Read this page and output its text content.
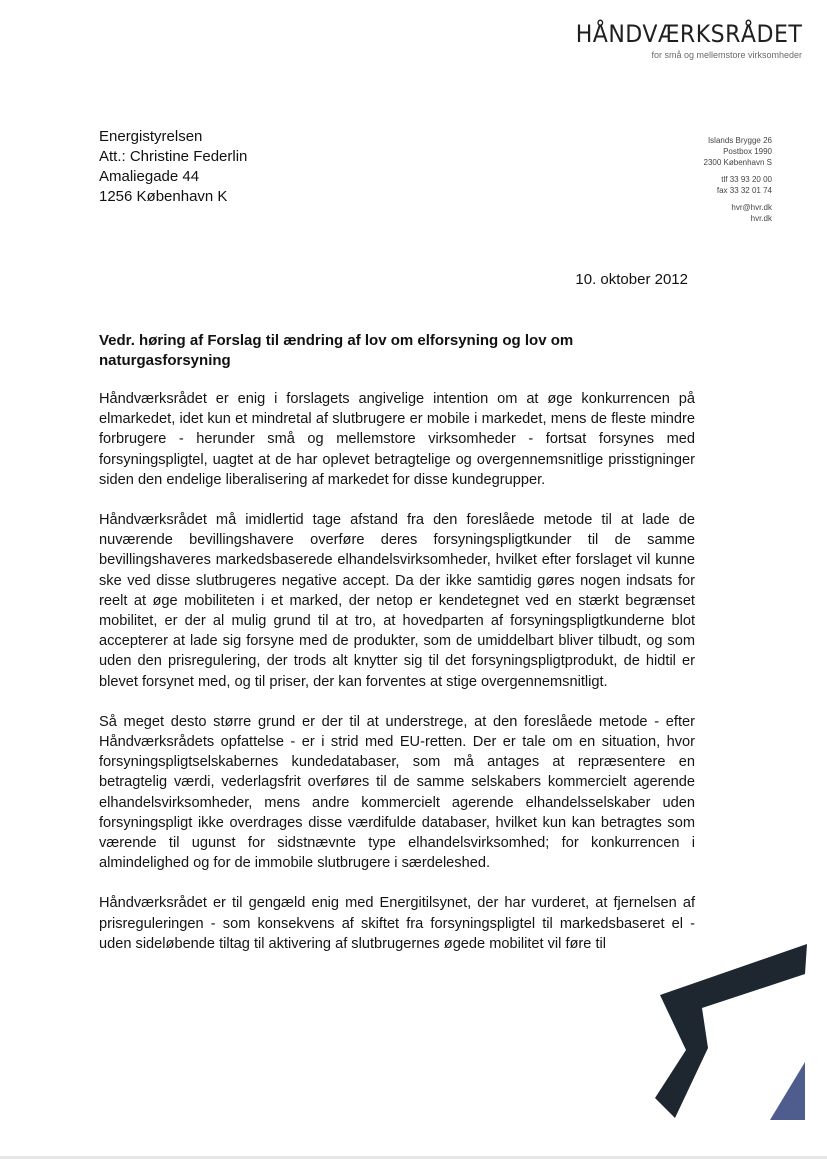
HÅNDVÆRKSRÅDET
for små og mellemstore virksomheder
Energistyrelsen
Att.: Christine Federlin
Amaliegade 44
1256 København K
Islands Brygge 26
Postbox 1990
2300 København S
tlf 33 93 20 00
fax 33 32 01 74
hvr@hvr.dk
hvr.dk
10. oktober 2012
Vedr. høring af Forslag til ændring af lov om elforsyning og lov om naturgasforsyning

Håndværksrådet er enig i forslagets angivelige intention om at øge konkurrencen på elmarkedet, idet kun et mindretal af slutbrugere er mobile i markedet, mens de fleste mindre forbrugere - herunder små og mellemstore virksomheder - fortsat forsynes med forsyningspligtel, uagtet at de har oplevet betragtelige og overgennemsnitlige prisstigninger siden den endelige liberalisering af markedet for disse kundegrupper.

Håndværksrådet må imidlertid tage afstand fra den foreslåede metode til at lade de nuværende bevillingshavere overføre deres forsyningspligtkunder til de samme bevillingshaveres markedsbaserede elhandelsvirksomheder, hvilket efter forslaget vil kunne ske ved disse slutbrugeres negative accept. Da der ikke samtidig gøres nogen indsats for reelt at øge mobiliteten i et marked, der netop er kendetegnet ved en stærkt begrænset mobilitet, er der al mulig grund til at tro, at hovedparten af forsyningspligtkunderne blot accepterer at lade sig forsyne med de produkter, som de umiddelbart bliver tilbudt, og som uden den prisregulering, der trods alt knytter sig til det forsyningspligtprodukt, de hidtil er blevet forsynet med, og til priser, der kan forventes at stige overgennemsnitligt.

Så meget desto større grund er der til at understrege, at den foreslåede metode - efter Håndværksrådets opfattelse - er i strid med EU-retten. Der er tale om en situation, hvor forsyningspligtselskabernes kundedatabaser, som må antages at repræsentere en betragtelig værdi, vederlagsfrit overføres til de samme selskabers kommercielt agerende elhandelsvirksomheder, mens andre kommercielt agerende elhandelsselskaber uden forsyningspligt ikke overdrages disse værdifulde databaser, hvilket kun kan betragtes som værende til ugunst for sidstnævnte type elhandelsvirksomhed; for konkurrencen i almindelighed og for de immobile slutbrugere i særdeleshed.

Håndværksrådet er til gengæld enig med Energitilsynet, der har vurderet, at fjernelsen af prisreguleringen - som konsekvens af skiftet fra forsyningspligtel til markedsbaseret el - uden sideløbende tiltag til aktivering af slutbrugernes øgede mobilitet vil føre til
